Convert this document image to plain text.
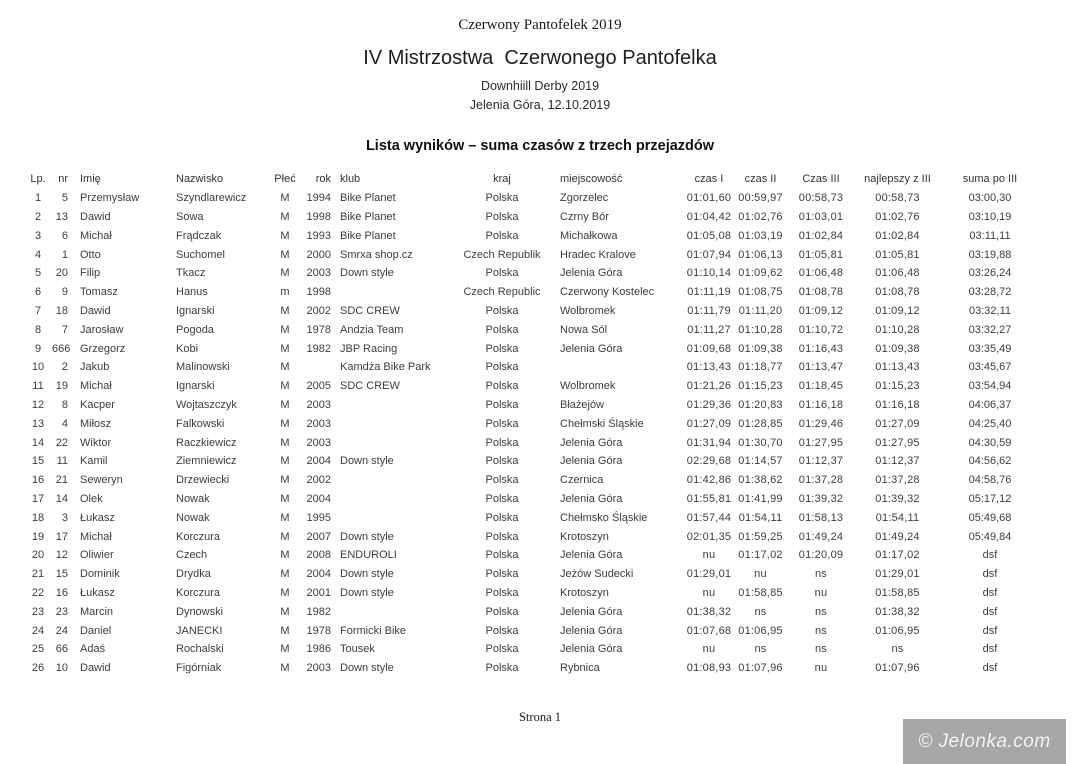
Czerwony Pantofelek 2019
IV Mistrzostwa  Czerwonego Pantofelka
Downhiill Derby 2019
Jelenia Góra, 12.10.2019
Lista wyników – suma czasów z trzech przejazdów
Lp.	nr	Imię	Nazwisko	Płeć	rok	klub	kraj	miejscowość	czas I	czas II	Czas III	najlepszy z III	suma po III
1	5	Przemysław	Szyndlarewicz	M	1994	Bike Planet	Polska	Zgorzelec	01:01,60	00:59,97	00:58,73	00:58,73	03:00,30
2	13	Dawid	Sowa	M	1998	Bike Planet	Polska	Czrny Bór	01:04,42	01:02,76	01:03,01	01:02,76	03:10,19
3	6	Michał	Frądczak	M	1993	Bike Planet	Polska	Michałkowa	01:05,08	01:03,19	01:02,84	01:02,84	03:11,11
4	1	Otto	Suchomel	M	2000	Smrxa shop.cz	Czech Republik	Hradec Kralove	01:07,94	01:06,13	01:05,81	01:05,81	03:19,88
5	20	Filip	Tkacz	M	2003	Down style	Polska	Jelenia Góra	01:10,14	01:09,62	01:06,48	01:06,48	03:26,24
6	9	Tomasz	Hanus	m	1998		Czech Republic	Czerwony Kostelec	01:11,19	01:08,75	01:08,78	01:08,78	03:28,72
7	18	Dawid	Ignarski	M	2002	SDC CREW	Polska	Wolbromek	01:11,79	01:11,20	01:09,12	01:09,12	03:32,11
8	7	Jarosław	Pogoda	M	1978	Andzia Team	Polska	Nowa Sól	01:11,27	01:10,28	01:10,72	01:10,28	03:32,27
9	666	Grzegorz	Kobi	M	1982	JBP Racing	Polska	Jelenia Góra	01:09,68	01:09,38	01:16,43	01:09,38	03:35,49
10	2	Jakub	Malinowski	M		Kamdża Bike Park	Polska		01:13,43	01:18,77	01:13,47	01:13,43	03:45,67
11	19	Michał	Ignarski	M	2005	SDC CREW	Polska	Wolbromek	01:21,26	01:15,23	01:18,45	01:15,23	03:54,94
12	8	Kacper	Wojtaszczyk	M	2003		Polska	Błażejów	01:29,36	01:20,83	01:16,18	01:16,18	04:06,37
13	4	Miłosz	Falkowski	M	2003		Polska	Chełmski Śląskie	01:27,09	01:28,85	01:29,46	01:27,09	04:25,40
14	22	Wiktor	Raczkiewicz	M	2003		Polska	Jelenia Góra	01:31,94	01:30,70	01:27,95	01:27,95	04:30,59
15	11	Kamil	Ziemniewicz	M	2004	Down style	Polska	Jelenia Góra	02:29,68	01:14,57	01:12,37	01:12,37	04:56,62
16	21	Seweryn	Drzewiecki	M	2002		Polska	Czernica	01:42,86	01:38,62	01:37,28	01:37,28	04:58,76
17	14	Olek	Nowak	M	2004		Polska	Jelenia Góra	01:55,81	01:41,99	01:39,32	01:39,32	05:17,12
18	3	Łukasz	Nowak	M	1995		Polska	Chełmsko Śląskie	01:57,44	01:54,11	01:58,13	01:54,11	05:49,68
19	17	Michał	Korczura	M	2007	Down style	Polska	Krotoszyn	02:01,35	01:59,25	01:49,24	01:49,24	05:49,84
20	12	Oliwier	Czech	M	2008	ENDUROLI	Polska	Jelenia Góra	nu	01:17,02	01:20,09	01:17,02	dsf
21	15	Dominik	Drydka	M	2004	Down style	Polska	Jeżów Sudecki	01:29,01	nu	ns	01:29,01	dsf
22	16	Łukasz	Korczura	M	2001	Down style	Polska	Krotoszyn	nu	01:58,85	nu	01:58,85	dsf
23	23	Marcin	Dynowski	M	1982		Polska	Jelenia Góra	01:38,32	ns	ns	01:38,32	dsf
24	24	Daniel	JANECKI	M	1978	Formicki Bike	Polska	Jelenia Góra	01:07,68	01:06,95	ns	01:06,95	dsf
25	66	Adaś	Rochalski	M	1986	Tousek	Polska	Jelenia Góra	nu	ns	ns	ns	dsf
26	10	Dawid	Figórniak	M	2003	Down style	Polska	Rybnica	01:08,93	01:07,96	nu	01:07,96	dsf
Strona 1
© Jelonka.com
